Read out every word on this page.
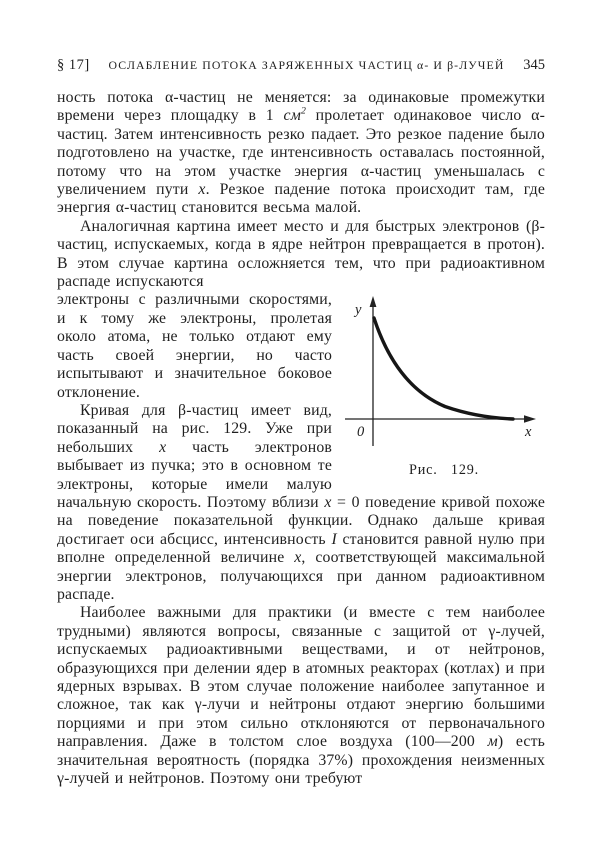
§ 17]	ОСЛАБЛЕНИЕ ПОТОКА ЗАРЯЖЕННЫХ ЧАСТИЦ α- И β-ЛУЧЕЙ	345

ность потока α-частиц не меняется: за одинаковые промежутки времени через площадку в 1 $см^2$ пролетает одинаковое число α-частиц. Затем интенсивность резко падает. Это резкое падение было подготовлено на участке, где интенсивность оставалась постоянной, потому что на этом участке энергия α-частиц уменьшалась с увеличением пути x. Резкое падение потока происходит там, где энергия α-частиц становится весьма малой.

Аналогичная картина имеет место и для быстрых электронов (β-частиц, испускаемых, когда в ядре нейтрон превращается в протон). В этом случае картина осложняется тем, что при радиоактивном распаде испускаются

y
x
0
Рис. 129.

электроны с различными скоростями, и к тому же электроны, пролетая около атома, не только отдают ему часть своей энергии, но часто испытывают и значительное боковое отклонение.

Кривая для β-частиц имеет вид, показанный на рис. 129. Уже при небольших x часть электронов выбывает из пучка; это в основном те электроны, которые имели малую начальную скорость. Поэтому вблизи x = 0 поведение кривой похоже на поведение показательной функции. Однако дальше кривая достигает оси абсцисс, интенсивность I становится равной нулю при вполне определенной величине x, соответствующей максимальной энергии электронов, получающихся при данном радиоактивном распаде.

Наиболее важными для практики (и вместе с тем наиболее трудными) являются вопросы, связанные с защитой от γ-лучей, испускаемых радиоактивными веществами, и от нейтронов, образующихся при делении ядер в атомных реакторах (котлах) и при ядерных взрывах. В этом случае положение наиболее запутанное и сложное, так как γ-лучи и нейтроны отдают энергию большими порциями и при этом сильно отклоняются от первоначального направления. Даже в толстом слое воздуха (100—200 м) есть значительная вероятность (порядка 37%) прохождения неизменных γ-лучей и нейтронов. Поэтому они требуют
